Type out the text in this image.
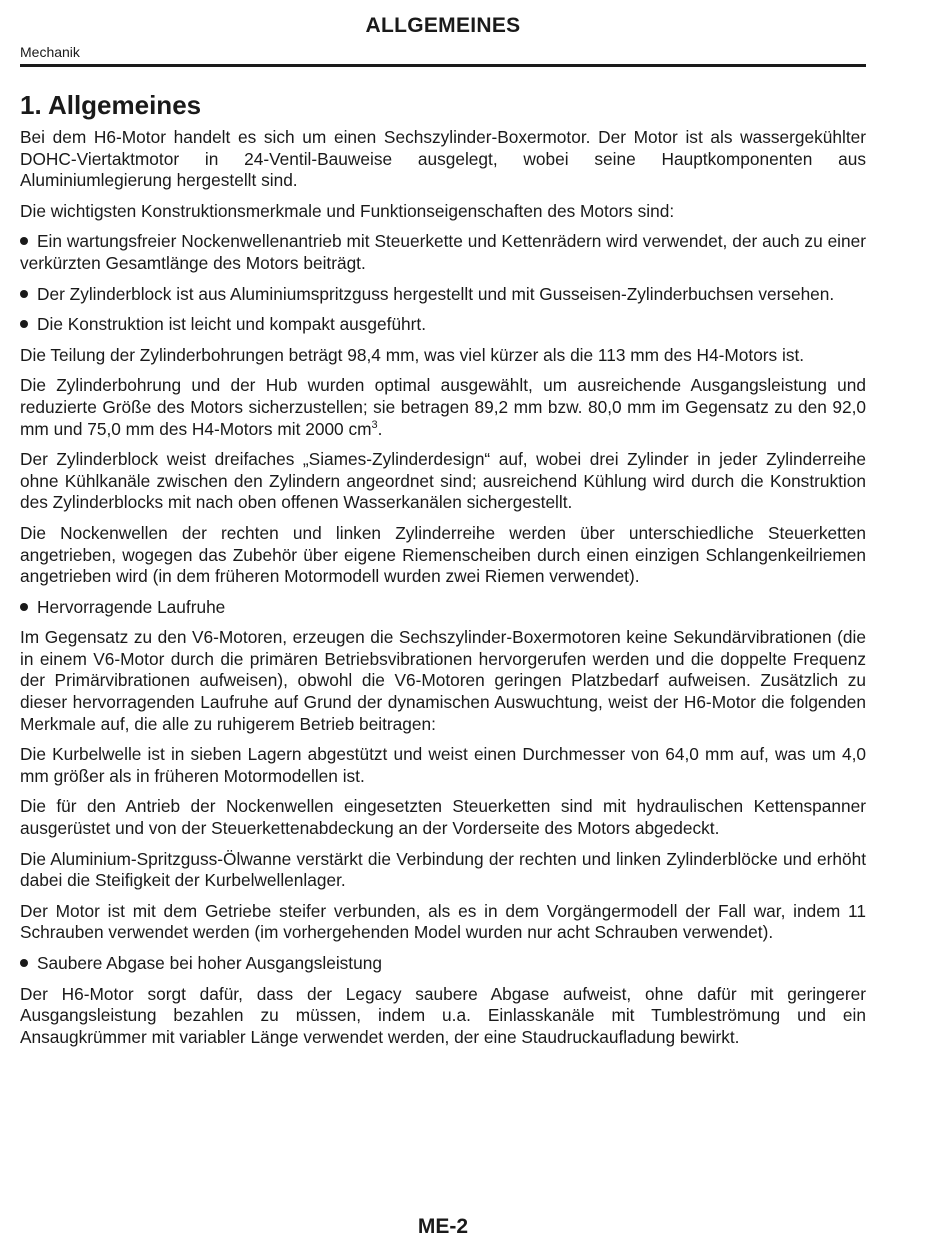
ALLGEMEINES
Mechanik
1. Allgemeines

Bei dem H6-Motor handelt es sich um einen Sechszylinder-Boxermotor. Der Motor ist als wassergekühlter DOHC-Viertaktmotor in 24-Ventil-Bauweise ausgelegt, wobei seine Hauptkomponenten aus Aluminiumlegierung hergestellt sind.

Die wichtigsten Konstruktionsmerkmale und Funktionseigenschaften des Motors sind:

Ein wartungsfreier Nockenwellenantrieb mit Steuerkette und Kettenrädern wird verwendet, der auch zu einer verkürzten Gesamtlänge des Motors beiträgt.

Der Zylinderblock ist aus Aluminiumspritzguss hergestellt und mit Gusseisen-Zylinderbuchsen versehen.

Die Konstruktion ist leicht und kompakt ausgeführt.

Die Teilung der Zylinderbohrungen beträgt 98,4 mm, was viel kürzer als die 113 mm des H4-Motors ist.

Die Zylinderbohrung und der Hub wurden optimal ausgewählt, um ausreichende Ausgangsleistung und reduzierte Größe des Motors sicherzustellen; sie betragen 89,2 mm bzw. 80,0 mm im Gegensatz zu den 92,0 mm und 75,0 mm des H4-Motors mit 2000 $cm^3$.

Der Zylinderblock weist dreifaches „Siames-Zylinderdesign“ auf, wobei drei Zylinder in jeder Zylinderreihe ohne Kühlkanäle zwischen den Zylindern angeordnet sind; ausreichend Kühlung wird durch die Konstruktion des Zylinderblocks mit nach oben offenen Wasserkanälen sichergestellt.

Die Nockenwellen der rechten und linken Zylinderreihe werden über unterschiedliche Steuerketten angetrieben, wogegen das Zubehör über eigene Riemenscheiben durch einen einzigen Schlangenkeilriemen angetrieben wird (in dem früheren Motormodell wurden zwei Riemen verwendet).

Hervorragende Laufruhe

Im Gegensatz zu den V6-Motoren, erzeugen die Sechszylinder-Boxermotoren keine Sekundärvibrationen (die in einem V6-Motor durch die primären Betriebsvibrationen hervorgerufen werden und die doppelte Frequenz der Primärvibrationen aufweisen), obwohl die V6-Motoren geringen Platzbedarf aufweisen. Zusätzlich zu dieser hervorragenden Laufruhe auf Grund der dynamischen Auswuchtung, weist der H6-Motor die folgenden Merkmale auf, die alle zu ruhigerem Betrieb beitragen:

Die Kurbelwelle ist in sieben Lagern abgestützt und weist einen Durchmesser von 64,0 mm auf, was um 4,0 mm größer als in früheren Motormodellen ist.

Die für den Antrieb der Nockenwellen eingesetzten Steuerketten sind mit hydraulischen Kettenspanner ausgerüstet und von der Steuerkettenabdeckung an der Vorderseite des Motors abgedeckt.

Die Aluminium-Spritzguss-Ölwanne verstärkt die Verbindung der rechten und linken Zylinderblöcke und erhöht dabei die Steifigkeit der Kurbelwellenlager.

Der Motor ist mit dem Getriebe steifer verbunden, als es in dem Vorgängermodell der Fall war, indem 11 Schrauben verwendet werden (im vorhergehenden Model wurden nur acht Schrauben verwendet).

Saubere Abgase bei hoher Ausgangsleistung

Der H6-Motor sorgt dafür, dass der Legacy saubere Abgase aufweist, ohne dafür mit geringerer Ausgangsleistung bezahlen zu müssen, indem u.a. Einlasskanäle mit Tumbleströmung und ein Ansaugkrümmer mit variabler Länge verwendet werden, der eine Staudruckaufladung bewirkt.

ME-2
